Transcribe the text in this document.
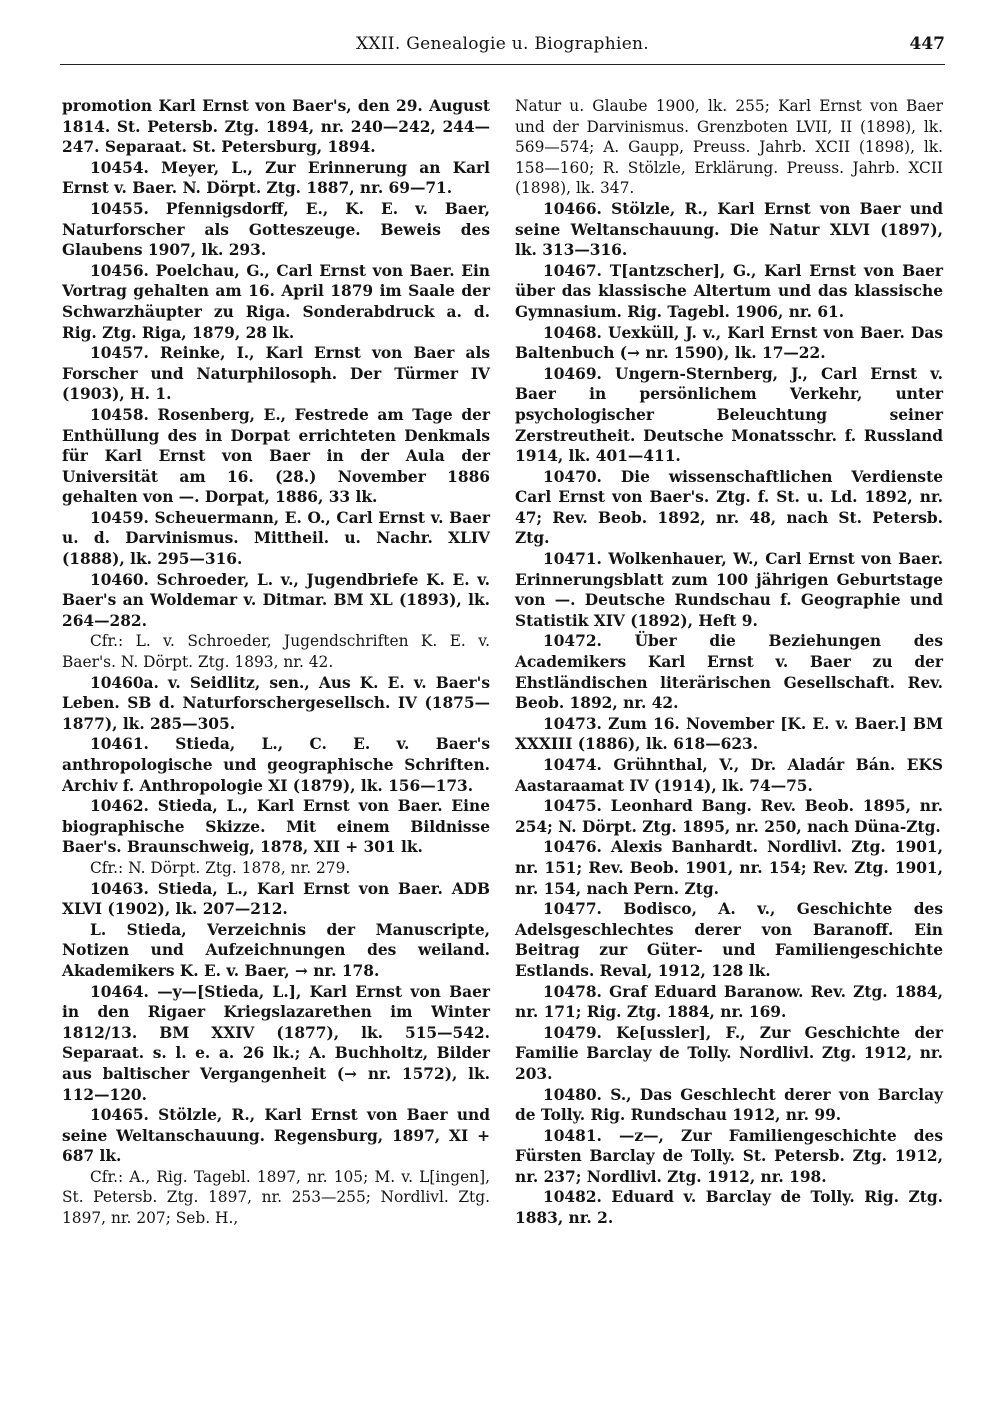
XXII. Genealogie u. Biographien.	447

promotion Karl Ernst von Baer's, den 29. August 1814. St. Petersb. Ztg. 1894, nr. 240—242, 244—247. Separaat. St. Petersburg, 1894.

10454. Meyer, L., Zur Erinnerung an Karl Ernst v. Baer. N. Dörpt. Ztg. 1887, nr. 69—71.

10455. Pfennigsdorff, E., K. E. v. Baer, Naturforscher als Gotteszeuge. Beweis des Glaubens 1907, lk. 293.

10456. Poelchau, G., Carl Ernst von Baer. Ein Vortrag gehalten am 16. April 1879 im Saale der Schwarzhäupter zu Riga. Sonderabdruck a. d. Rig. Ztg. Riga, 1879, 28 lk.

10457. Reinke, I., Karl Ernst von Baer als Forscher und Naturphilosoph. Der Türmer IV (1903), H. 1.

10458. Rosenberg, E., Festrede am Tage der Enthüllung des in Dorpat errichteten Denkmals für Karl Ernst von Baer in der Aula der Universität am 16. (28.) November 1886 gehalten von —. Dorpat, 1886, 33 lk.

10459. Scheuermann, E. O., Carl Ernst v. Baer u. d. Darvinismus. Mittheil. u. Nachr. XLIV (1888), lk. 295—316.

10460. Schroeder, L. v., Jugendbriefe K. E. v. Baer's an Woldemar v. Ditmar. BM XL (1893), lk. 264—282.

Cfr.: L. v. Schroeder, Jugendschriften K. E. v. Baer's. N. Dörpt. Ztg. 1893, nr. 42.

10460a. v. Seidlitz, sen., Aus K. E. v. Baer's Leben. SB d. Naturforschergesellsch. IV (1875—1877), lk. 285—305.

10461. Stieda, L., C. E. v. Baer's anthropologische und geographische Schriften. Archiv f. Anthropologie XI (1879), lk. 156—173.

10462. Stieda, L., Karl Ernst von Baer. Eine biographische Skizze. Mit einem Bildnisse Baer's. Braunschweig, 1878, XII + 301 lk.

Cfr.: N. Dörpt. Ztg. 1878, nr. 279.

10463. Stieda, L., Karl Ernst von Baer. ADB XLVI (1902), lk. 207—212.

L. Stieda, Verzeichnis der Manuscripte, Notizen und Aufzeichnungen des weiland. Akademikers K. E. v. Baer, → nr. 178.

10464. —y—[Stieda, L.], Karl Ernst von Baer in den Rigaer Kriegslazarethen im Winter 1812/13. BM XXIV (1877), lk. 515—542. Separaat. s. l. e. a. 26 lk.; A. Buchholtz, Bilder aus baltischer Vergangenheit (→ nr. 1572), lk. 112—120.

10465. Stölzle, R., Karl Ernst von Baer und seine Weltanschauung. Regensburg, 1897, XI + 687 lk.

Cfr.: A., Rig. Tagebl. 1897, nr. 105; M. v. L[ingen], St. Petersb. Ztg. 1897, nr. 253—255; Nordlivl. Ztg. 1897, nr. 207; Seb. H.,

Natur u. Glaube 1900, lk. 255; Karl Ernst von Baer und der Darvinismus. Grenzboten LVII, II (1898), lk. 569—574; A. Gaupp, Preuss. Jahrb. XCII (1898), lk. 158—160; R. Stölzle, Erklärung. Preuss. Jahrb. XCII (1898), lk. 347.

10466. Stölzle, R., Karl Ernst von Baer und seine Weltanschauung. Die Natur XLVI (1897), lk. 313—316.

10467. T[antzscher], G., Karl Ernst von Baer über das klassische Altertum und das klassische Gymnasium. Rig. Tagebl. 1906, nr. 61.

10468. Uexküll, J. v., Karl Ernst von Baer. Das Baltenbuch (→ nr. 1590), lk. 17—22.

10469. Ungern-Sternberg, J., Carl Ernst v. Baer in persönlichem Verkehr, unter psychologischer Beleuchtung seiner Zerstreutheit. Deutsche Monatsschr. f. Russland 1914, lk. 401—411.

10470. Die wissenschaftlichen Verdienste Carl Ernst von Baer's. Ztg. f. St. u. Ld. 1892, nr. 47; Rev. Beob. 1892, nr. 48, nach St. Petersb. Ztg.

10471. Wolkenhauer, W., Carl Ernst von Baer. Erinnerungsblatt zum 100 jährigen Geburtstage von —. Deutsche Rundschau f. Geographie und Statistik XIV (1892), Heft 9.

10472. Über die Beziehungen des Academikers Karl Ernst v. Baer zu der Ehstländischen literärischen Gesellschaft. Rev. Beob. 1892, nr. 42.

10473. Zum 16. November [K. E. v. Baer.] BM XXXIII (1886), lk. 618—623.

10474. Grühnthal, V., Dr. Aladár Bán. EKS Aastaraamat IV (1914), lk. 74—75.

10475. Leonhard Bang. Rev. Beob. 1895, nr. 254; N. Dörpt. Ztg. 1895, nr. 250, nach Düna-Ztg.

10476. Alexis Banhardt. Nordlivl. Ztg. 1901, nr. 151; Rev. Beob. 1901, nr. 154; Rev. Ztg. 1901, nr. 154, nach Pern. Ztg.

10477. Bodisco, A. v., Geschichte des Adelsgeschlechtes derer von Baranoff. Ein Beitrag zur Güter- und Familiengeschichte Estlands. Reval, 1912, 128 lk.

10478. Graf Eduard Baranow. Rev. Ztg. 1884, nr. 171; Rig. Ztg. 1884, nr. 169.

10479. Ke[ussler], F., Zur Geschichte der Familie Barclay de Tolly. Nordlivl. Ztg. 1912, nr. 203.

10480. S., Das Geschlecht derer von Barclay de Tolly. Rig. Rundschau 1912, nr. 99.

10481. —z—, Zur Familiengeschichte des Fürsten Barclay de Tolly. St. Petersb. Ztg. 1912, nr. 237; Nordlivl. Ztg. 1912, nr. 198.

10482. Eduard v. Barclay de Tolly. Rig. Ztg. 1883, nr. 2.
